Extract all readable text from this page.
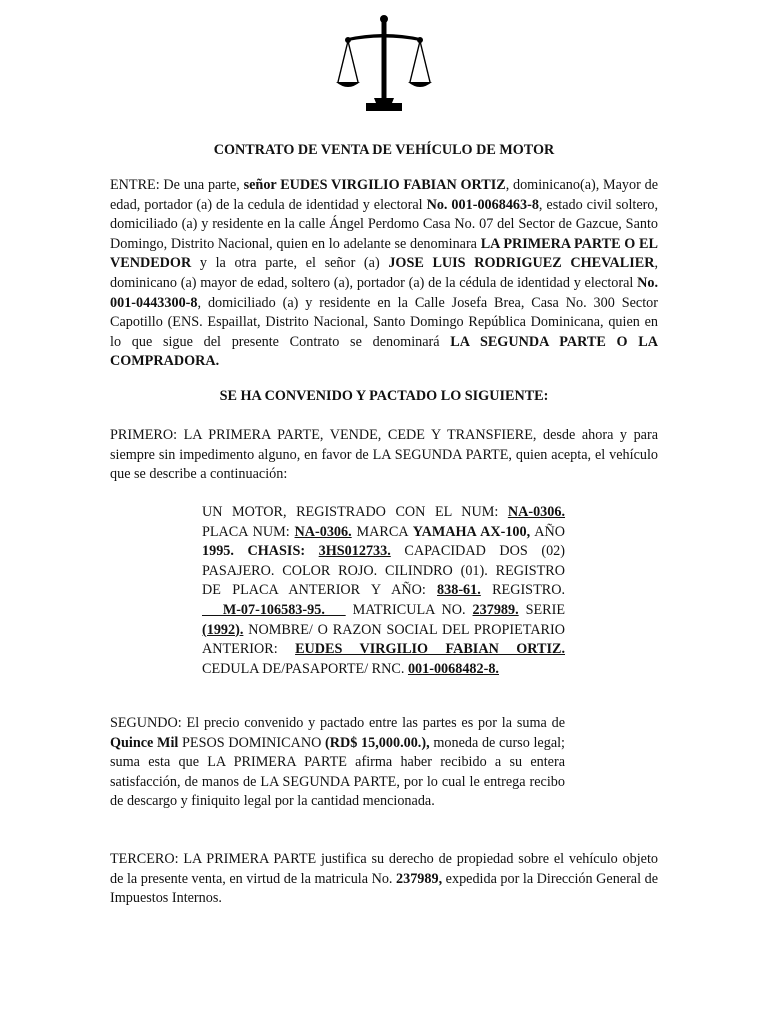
CONTRATO DE VENTA DE VEHÍCULO DE MOTOR

ENTRE: De una parte, señor EUDES VIRGILIO FABIAN ORTIZ, dominicano(a), Mayor de edad, portador (a) de la cedula de identidad y electoral No. 001-0068463-8, estado civil soltero, domiciliado (a) y residente en la calle Ángel Perdomo Casa No. 07 del Sector de Gazcue, Santo Domingo, Distrito Nacional, quien en lo adelante se denominara LA PRIMERA PARTE O EL VENDEDOR y la otra parte, el señor (a) JOSE LUIS RODRIGUEZ CHEVALIER, dominicano (a) mayor de edad, soltero (a), portador (a) de la cédula de identidad y electoral No. 001-0443300-8, domiciliado (a) y residente en la Calle Josefa Brea, Casa No. 300 Sector Capotillo (ENS. Espaillat, Distrito Nacional, Santo Domingo República Dominicana, quien en lo que sigue del presente Contrato se denominará LA SEGUNDA PARTE O LA COMPRADORA.

SE HA CONVENIDO Y PACTADO LO SIGUIENTE:

PRIMERO: LA PRIMERA PARTE, VENDE, CEDE Y TRANSFIERE, desde ahora y para siempre sin impedimento alguno, en favor de LA SEGUNDA PARTE, quien acepta, el vehículo que se describe a continuación:

UN MOTOR, REGISTRADO CON EL NUM: NA-0306. PLACA NUM: NA-0306. MARCA YAMAHA AX-100, AÑO 1995. CHASIS: 3HS012733. CAPACIDAD DOS (02) PASAJERO. COLOR ROJO. CILINDRO (01). REGISTRO DE PLACA ANTERIOR Y AÑO: 838-61. REGISTRO.   M-07-106583-95.    MATRICULA NO. 237989. SERIE (1992). NOMBRE/ O RAZON SOCIAL DEL PROPIETARIO ANTERIOR: EUDES VIRGILIO FABIAN ORTIZ. CEDULA DE/PASAPORTE/ RNC. 001-0068482-8.

SEGUNDO: El precio convenido y pactado entre las partes es por la suma de Quince Mil PESOS DOMINICANO (RD$ 15,000.00.), moneda de curso legal; suma esta que LA PRIMERA PARTE afirma haber recibido a su entera satisfacción, de manos de LA SEGUNDA PARTE, por lo cual le entrega recibo de descargo y finiquito legal por la cantidad mencionada.

TERCERO: LA PRIMERA PARTE justifica su derecho de propiedad sobre el vehículo objeto de la presente venta, en virtud de la matricula No. 237989, expedida por la Dirección General de Impuestos Internos.
